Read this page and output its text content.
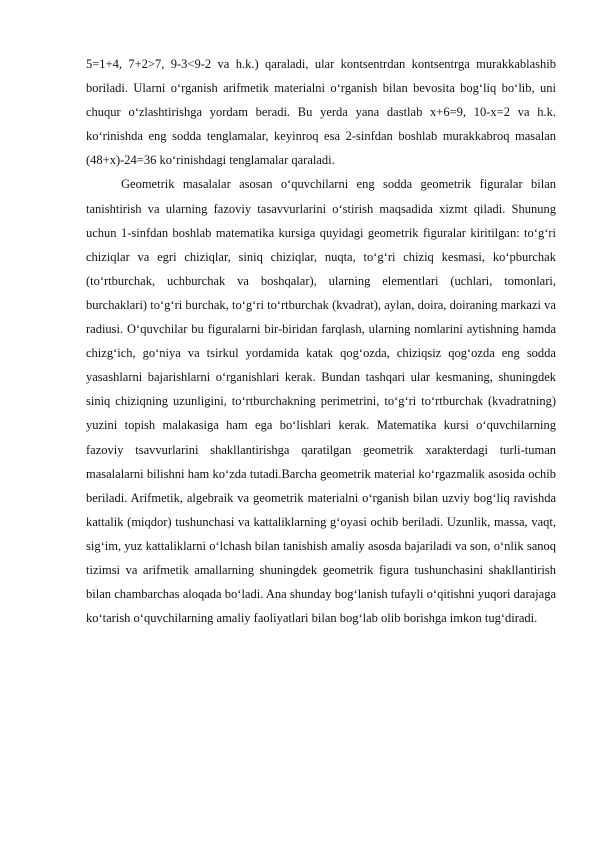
5=1+4, 7+2>7, 9-3<9-2 va h.k.) qaraladi, ular kontsentrdan kontsentrga murakkablashib boriladi. Ularni o‘rganish arifmetik materialni o‘rganish bilan bevosita bog‘liq bo‘lib, uni chuqur o‘zlashtirishga yordam beradi. Bu yerda yana dastlab x+6=9, 10-x=2 va h.k. ko‘rinishda eng sodda tenglamalar, keyinroq esa 2-sinfdan boshlab murakkabroq masalan (48+x)-24=36 ko‘rinishdagi tenglamalar qaraladi.

Geometrik masalalar asosan o‘quvchilarni eng sodda geometrik figuralar bilan tanishtirish va ularning fazoviy tasavvurlarini o‘stirish maqsadida xizmt qiladi. Shunung uchun 1-sinfdan boshlab matematika kursiga quyidagi geometrik figuralar kiritilgan: to‘g‘ri chiziqlar va egri chiziqlar, siniq chiziqlar, nuqta, to‘g‘ri chiziq kesmasi, ko‘pburchak (to‘rtburchak, uchburchak va boshqalar), ularning elementlari (uchlari, tomonlari, burchaklari) to‘g‘ri burchak, to‘g‘ri to‘rtburchak (kvadrat), aylan, doira, doiraning markazi va radiusi. O‘quvchilar bu figuralarni bir-biridan farqlash, ularning nomlarini aytishning hamda chizg‘ich, go‘niya va tsirkul yordamida katak qog‘ozda, chiziqsiz qog‘ozda eng sodda yasashlarni bajarishlarni o‘rganishlari kerak. Bundan tashqari ular kesmaning, shuningdek siniq chiziqning uzunligini, to‘rtburchakning perimetrini, to‘g‘ri to‘rtburchak (kvadratning) yuzini topish malakasiga ham ega bo‘lishlari kerak. Matematika kursi o‘quvchilarning fazoviy tsavvurlarini shakllantirishga qaratilgan geometrik xarakterdagi turli-tuman masalalarni bilishni ham ko‘zda tutadi.Barcha geometrik material ko‘rgazmalik asosida ochib beriladi. Arifmetik, algebraik va geometrik materialni o‘rganish bilan uzviy bog‘liq ravishda kattalik (miqdor) tushunchasi va kattaliklarning g‘oyasi ochib beriladi. Uzunlik, massa, vaqt, sig‘im, yuz kattaliklarni o‘lchash bilan tanishish amaliy asosda bajariladi va son, o‘nlik sanoq tizimsi va arifmetik amallarning shuningdek geometrik figura tushunchasini shakllantirish bilan chambarchas aloqada bo‘ladi. Ana shunday bog‘lanish tufayli o‘qitishni yuqori darajaga ko‘tarish o‘quvchilarning amaliy faoliyatlari bilan bog‘lab olib borishga imkon tug‘diradi.
